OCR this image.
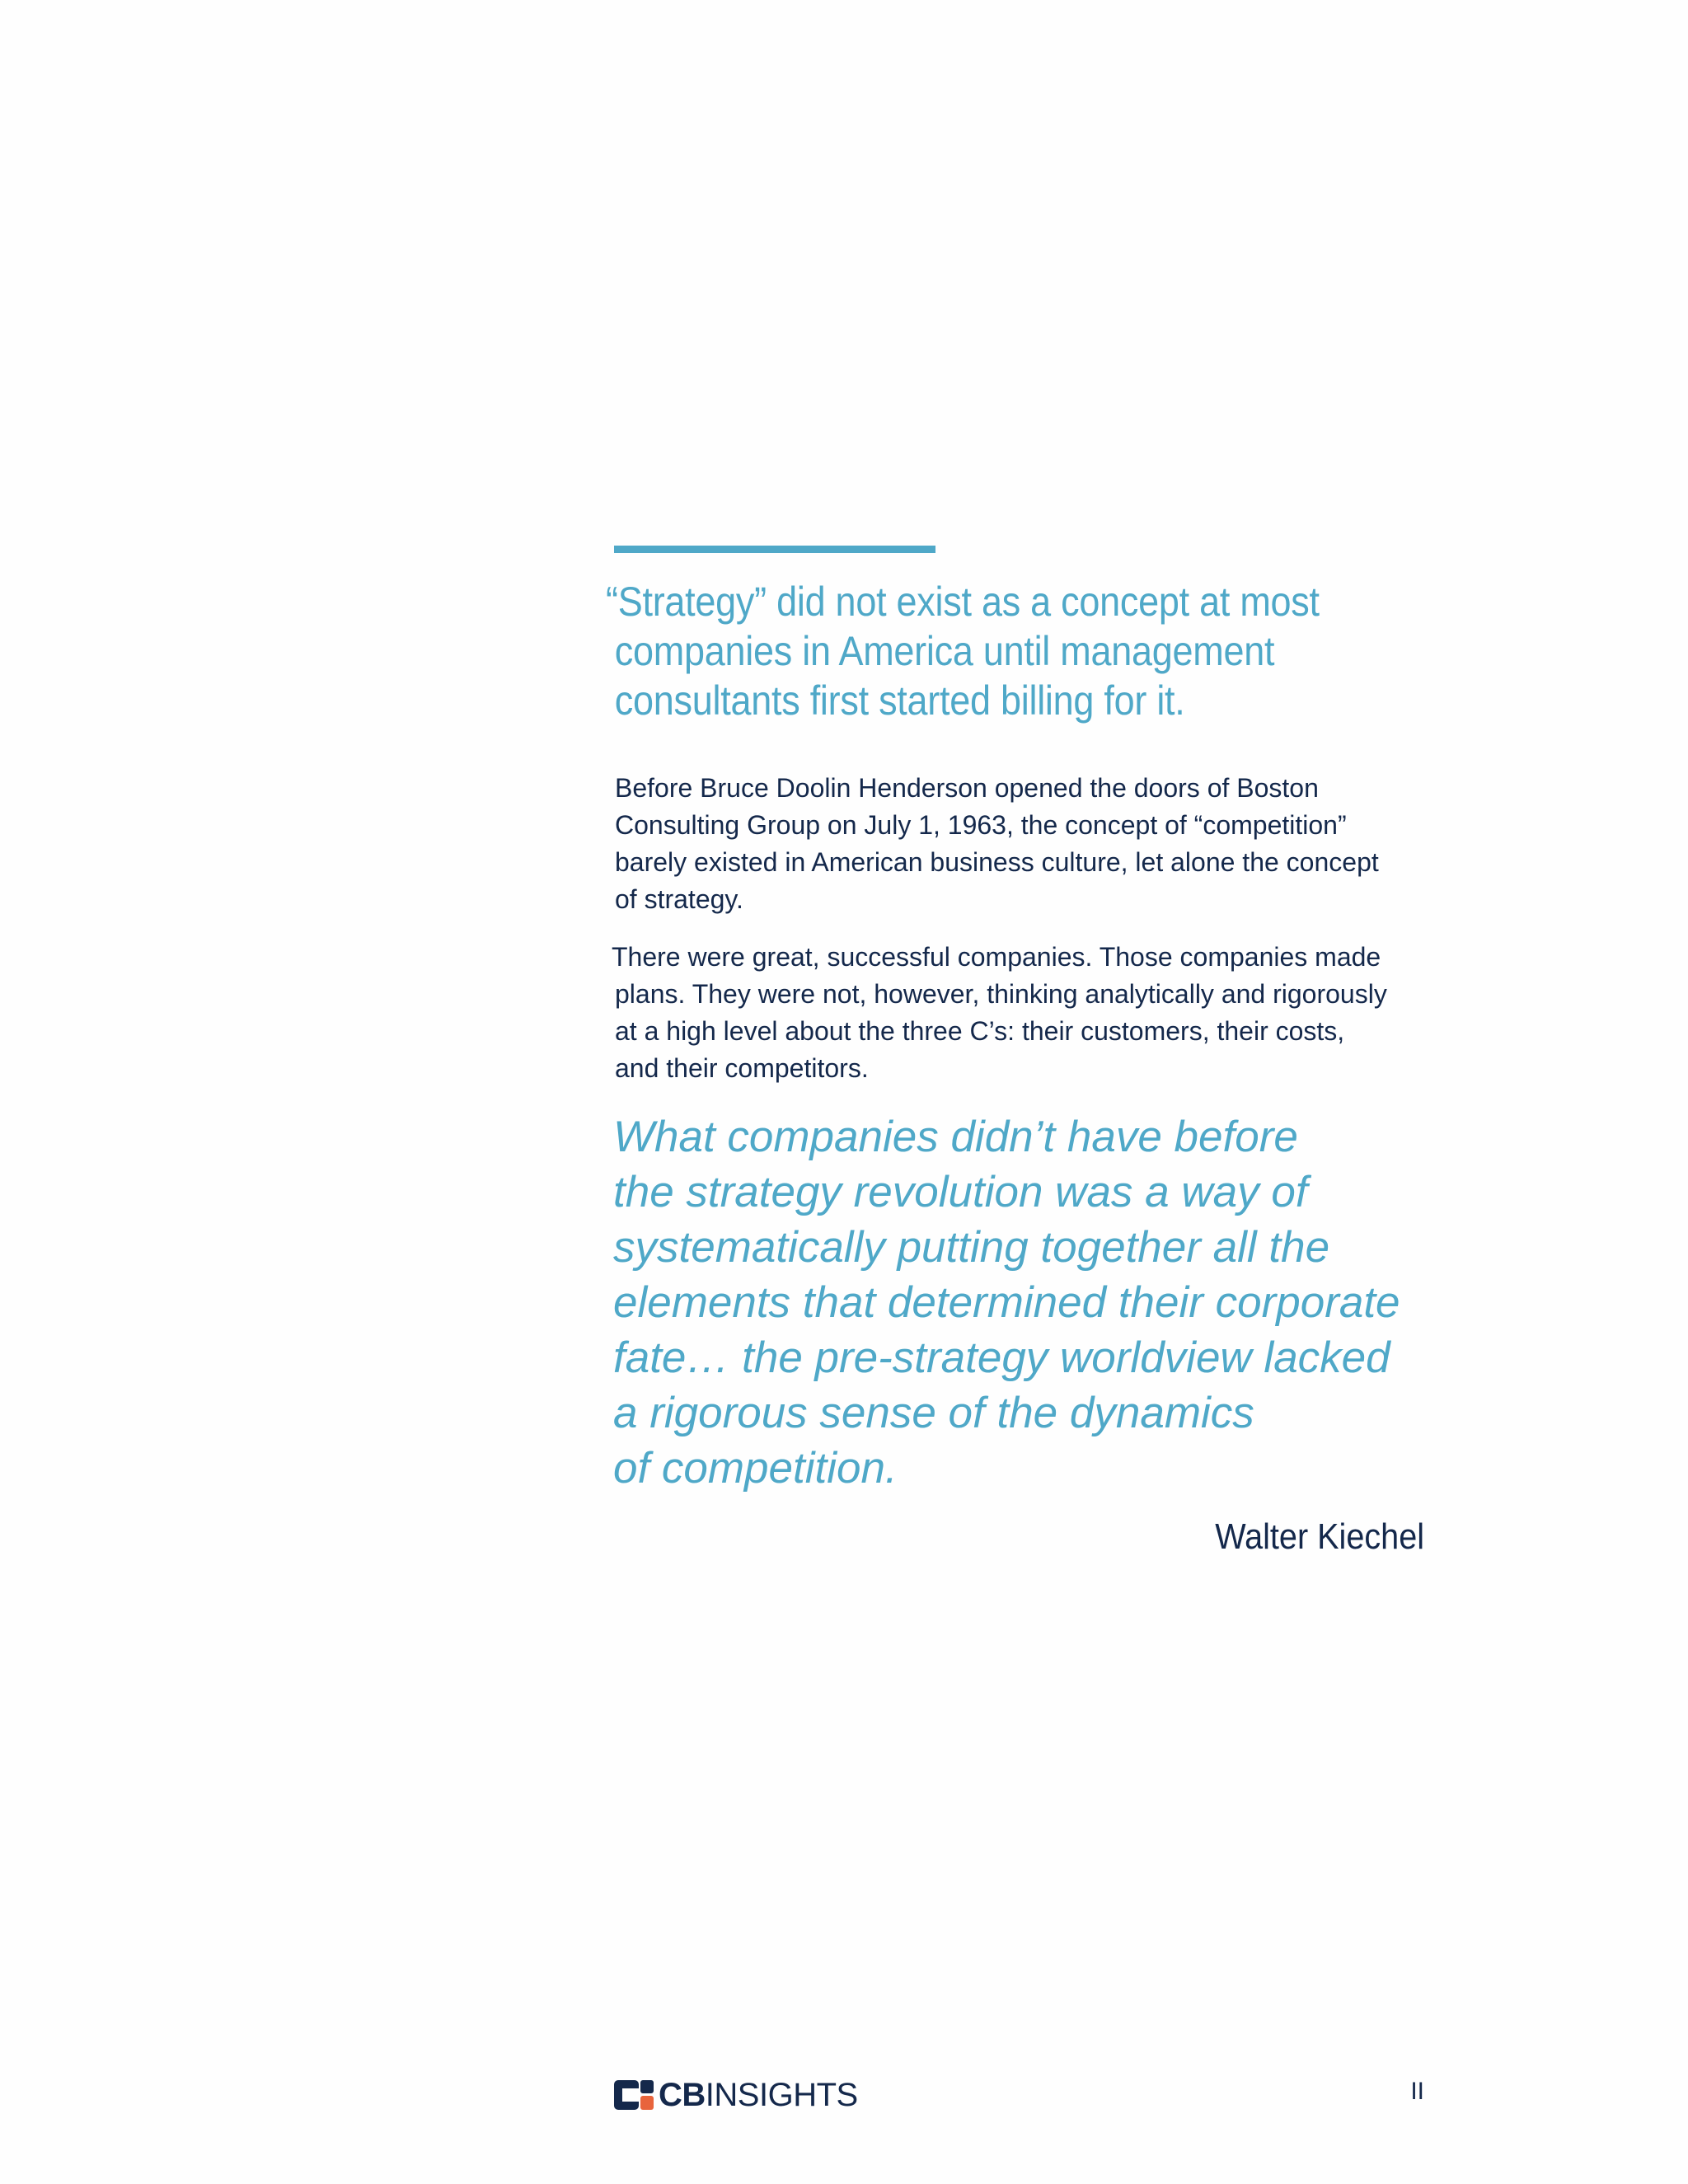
“Strategy” did not exist as a concept at most
companies in America until management
consultants first started billing for it.
Before Bruce Doolin Henderson opened the doors of Boston
Consulting Group on July 1, 1963, the concept of “competition”
barely existed in American business culture, let alone the concept
of strategy.
There were great, successful companies. Those companies made
plans. They were not, however, thinking analytically and rigorously
at a high level about the three C’s: their customers, their costs,
and their competitors.
What companies didn’t have before
the strategy revolution was a way of
systematically putting together all the
elements that determined their corporate
fate… the pre-strategy worldview lacked
a rigorous sense of the dynamics
of competition.
Walter Kiechel
CBINSIGHTS	II
